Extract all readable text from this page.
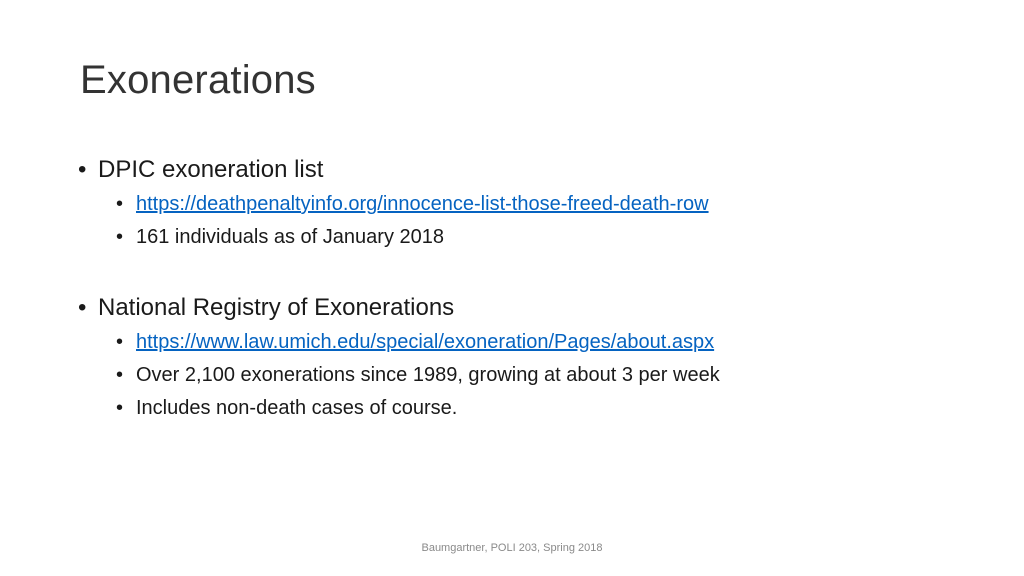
Exonerations
• DPIC exoneration list
• https://deathpenaltyinfo.org/innocence-list-those-freed-death-row
• 161 individuals as of January 2018
• National Registry of Exonerations
• https://www.law.umich.edu/special/exoneration/Pages/about.aspx
• Over 2,100 exonerations since 1989, growing at about 3 per week
• Includes non-death cases of course.
Baumgartner, POLI 203, Spring 2018
